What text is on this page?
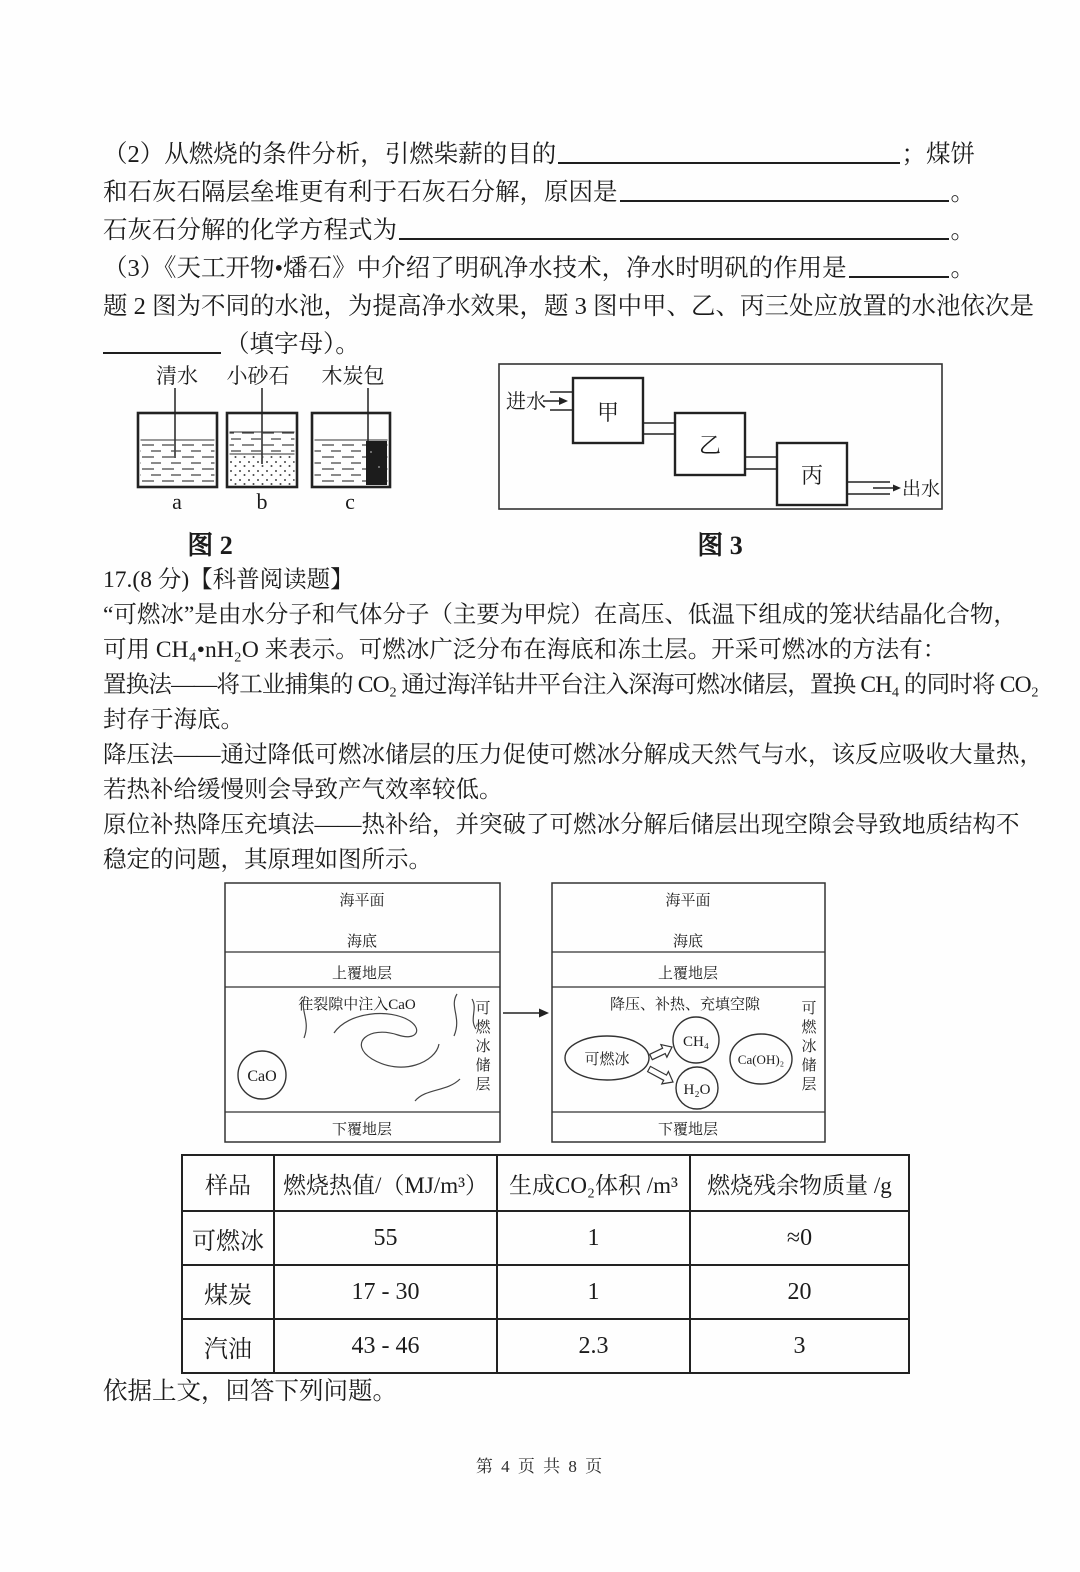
（2）从燃烧的条件分析，引燃柴薪的目的	；煤饼
和石灰石隔层垒堆更有利于石灰石分解，原因是	。
石灰石分解的化学方程式为	。
（3）《天工开物•燔石》中介绍了明矾净水技术，净水时明矾的作用是	。
题 2 图为不同的水池，为提高净水效果，题 3 图中甲、乙、丙三处应放置的水池依次是
（填字母）。
清水 小砂石 木炭包
a	b	c
图 2
进水 甲
乙
丙
出水
图 3
17.(8 分)【科普阅读题】
“可燃冰”是由水分子和气体分子（主要为甲烷）在高压、低温下组成的笼状结晶化合物，
可用 CH₄•nH₂O 来表示。可燃冰广泛分布在海底和冻土层。开采可燃冰的方法有：
置换法——将工业捕集的 CO₂ 通过海洋钻井平台注入深海可燃冰储层，置换 CH₄ 的同时将 CO₂
封存于海底。
降压法——通过降低可燃冰储层的压力促使可燃冰分解成天然气与水，该反应吸收大量热，
若热补给缓慢则会导致产气效率较低。
原位补热降压充填法——热补给，并突破了可燃冰分解后储层出现空隙会导致地质结构不
稳定的问题，其原理如图所示。
海平面
海底
上覆地层
往裂隙中注入CaO
CaO
可
燃
冰
储
层
下覆地层
海平面
海底
上覆地层
降压、补热、充填空隙
可燃冰
CH₄
H₂O
Ca(OH)₂
可
燃
冰
储
层
下覆地层
样品	燃烧热值/（MJ/m³）	生成CO₂体积 /m³	燃烧残余物质量 /g
可燃冰	55	1	≈0
煤炭	17 - 30	1	20
汽油	43 - 46	2.3	3
依据上文，回答下列问题。
第 4 页 共 8 页
